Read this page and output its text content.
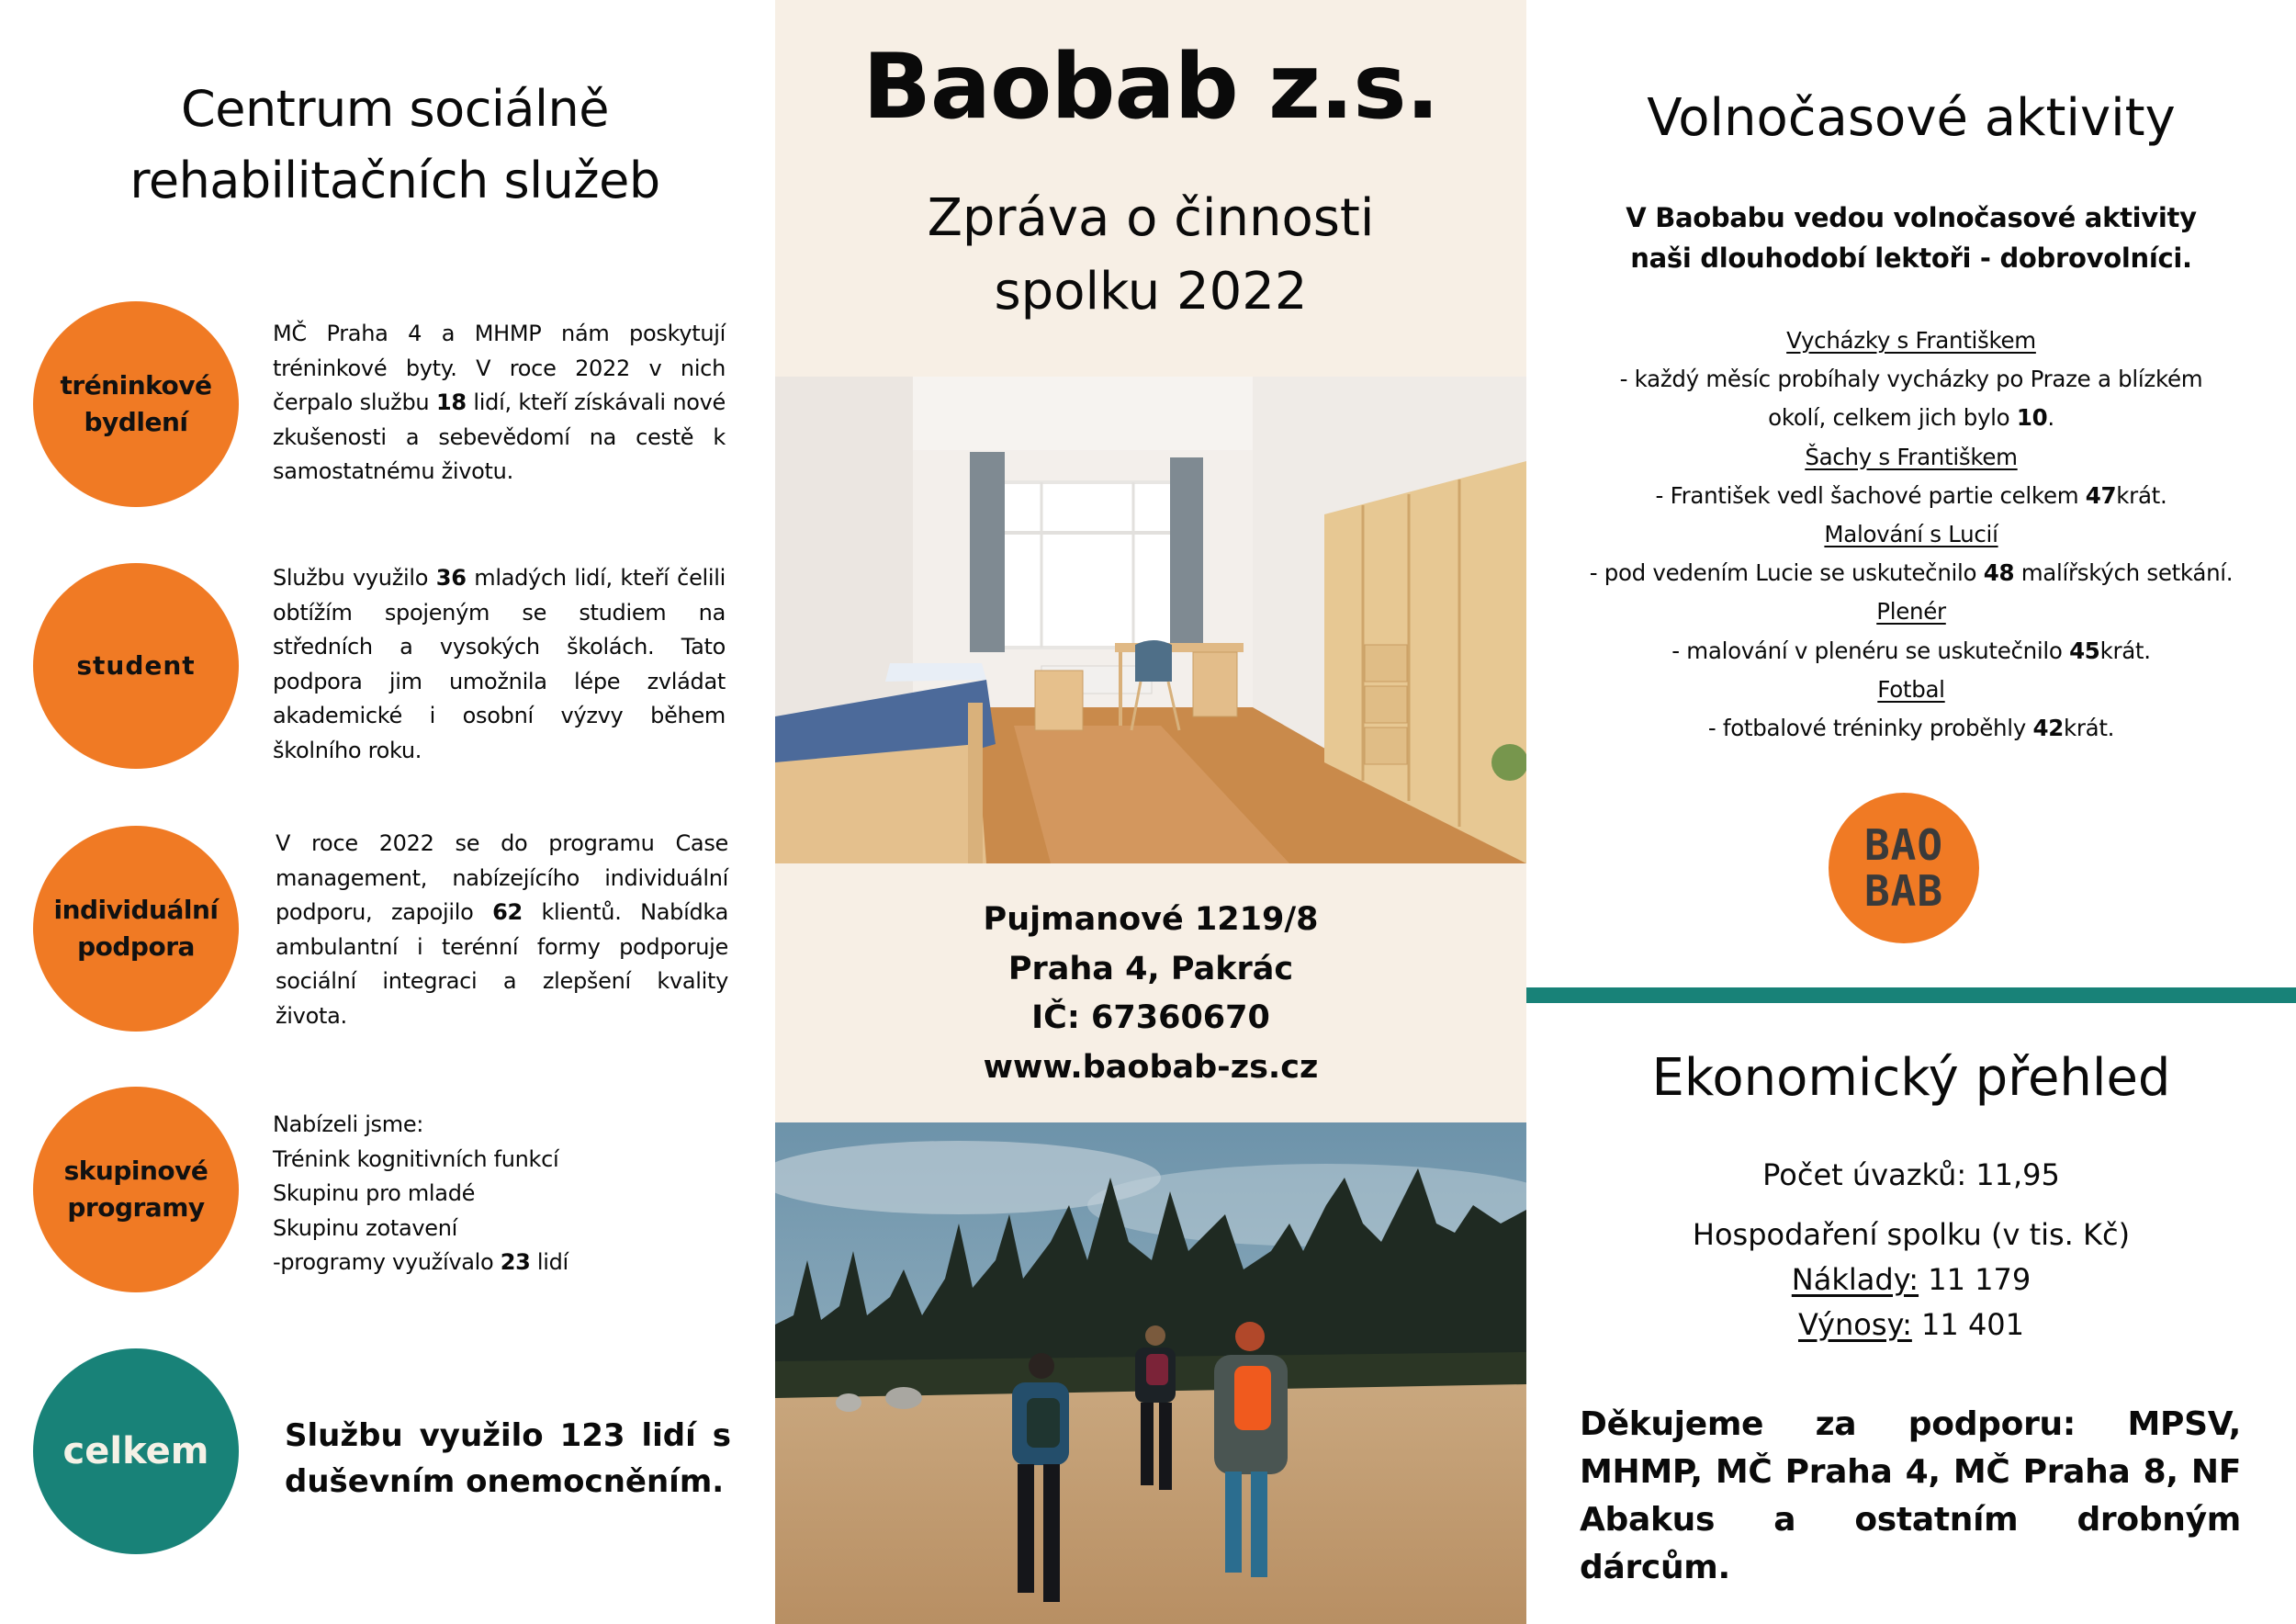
Centrum sociálně
rehabilitačních služeb
tréninkové
bydlení

MČ Praha 4 a MHMP nám poskytují tréninkové byty. V roce 2022 v nich čerpalo službu 18 lidí, kteří získávali nové zkušenosti a sebevědomí na cestě k samostatnému životu.

student

Službu využilo 36 mladých lidí, kteří čelili obtížím spojeným se studiem na středních a vysokých školách. Tato podpora jim umožnila lépe zvládat akademické i osobní výzvy během školního roku.

individuální
podpora

V roce 2022 se do programu Case management, nabízejícího individuální podporu, zapojilo 62 klientů. Nabídka ambulantní i terénní formy podporuje sociální integraci a zlepšení kvality života.

skupinové
programy
Nabízeli jsme:
Trénink kognitivních funkcí
Skupinu pro mladé
Skupinu zotavení
-programy využívalo 23 lidí
celkem Službu využilo 123 lidí s duševním onemocněním.

Baobab z.s.
Zpráva o činnosti
spolku 2022
Pujmanové 1219/8
Praha 4, Pakrác
IČ: 67360670
www.baobab-zs.cz
Volnočasové aktivity
V Baobabu vedou volnočasové aktivity
naši dlouhodobí lektoři - dobrovolníci.
Vycházky s Františkem
- každý měsíc probíhaly vycházky po Praze a blízkém
okolí, celkem jich bylo 10.
Šachy s Františkem
- František vedl šachové partie celkem 47krát.
Malování s Lucií
- pod vedením Lucie se uskutečnilo 48 malířských setkání.
Plenér
- malování v plenéru se uskutečnilo 45krát.
Fotbal
- fotbalové tréninky proběhly 42krát.
BAO
BAB
Ekonomický přehled
Počet úvazků: 11,95
Hospodaření spolku (v tis. Kč)
Náklady: 11 179
Výnosy: 11 401

Děkujeme za podporu: MPSV, MHMP, MČ Praha 4, MČ Praha 8, NF Abakus a ostatním drobným dárcům.
